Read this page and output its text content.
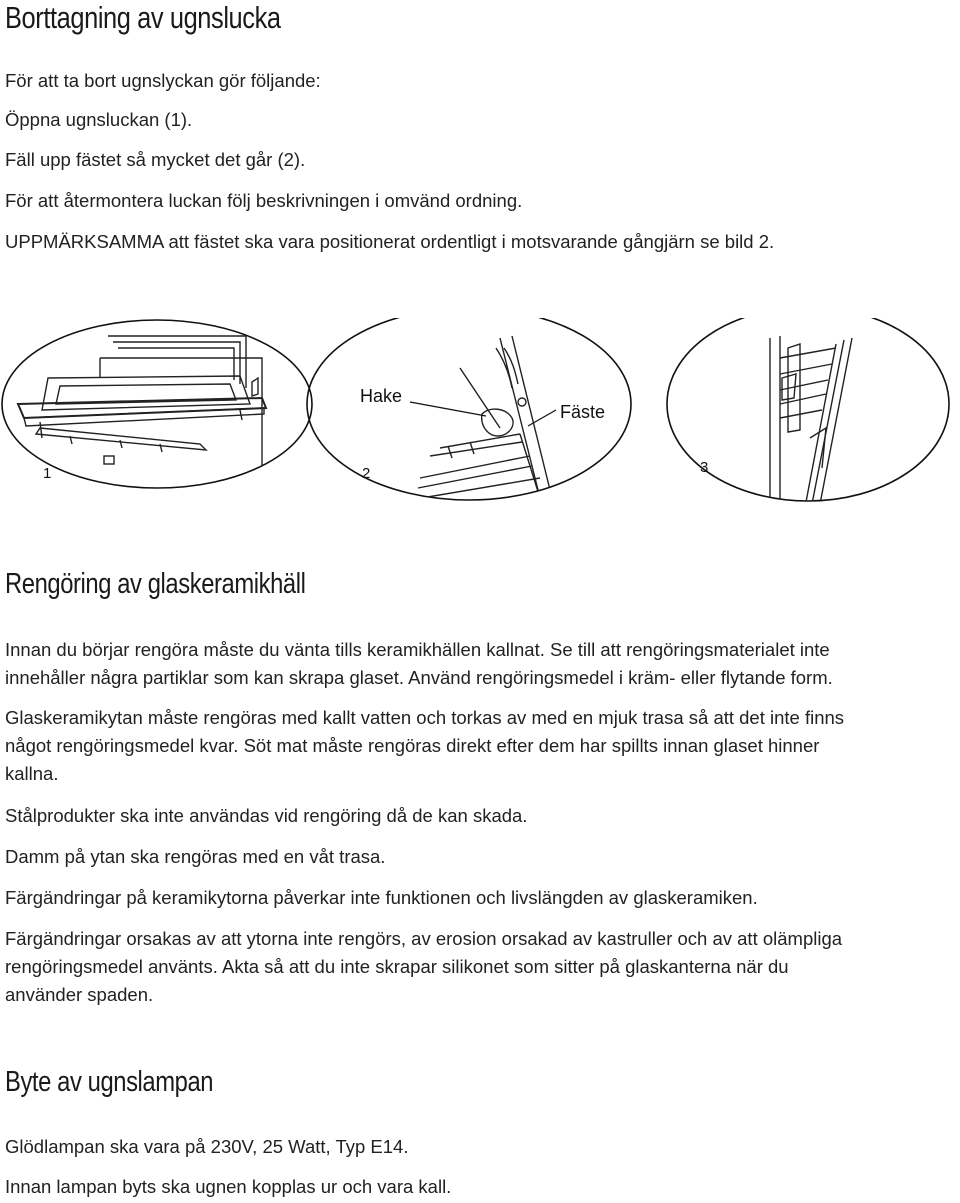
Borttagning av ugnslucka

För att ta bort ugnslyckan gör följande:

Öppna ugnsluckan (1).

Fäll upp fästet så mycket det går (2).

För att återmontera luckan följ beskrivningen i omvänd ordning.

UPPMÄRKSAMMA att fästet ska vara positionerat ordentligt i motsvarande gångjärn se bild 2.

1
Hake
Fäste
2	3
Rengöring av glaskeramikhäll

Innan du börjar rengöra måste du vänta tills keramikhällen kallnat. Se till att rengöringsmaterialet inte

innehåller några partiklar som kan skrapa glaset. Använd rengöringsmedel i kräm- eller flytande form.

Glaskeramikytan måste rengöras med kallt vatten och torkas av med en mjuk trasa så att det inte finns

något rengöringsmedel kvar. Söt mat måste rengöras direkt efter dem har spillts innan glaset hinner

kallna.

Stålprodukter ska inte användas vid rengöring då de kan skada.

Damm på ytan ska rengöras med en våt trasa.

Färgändringar på keramikytorna påverkar inte funktionen och livslängden av glaskeramiken.

Färgändringar orsakas av att ytorna inte rengörs, av erosion orsakad av kastruller och av att olämpliga

rengöringsmedel använts. Akta så att du inte skrapar silikonet som sitter på glaskanterna när du

använder spaden.

Byte av ugnslampan

Glödlampan ska vara på 230V, 25 Watt, Typ E14.

Innan lampan byts ska ugnen kopplas ur och vara kall.
